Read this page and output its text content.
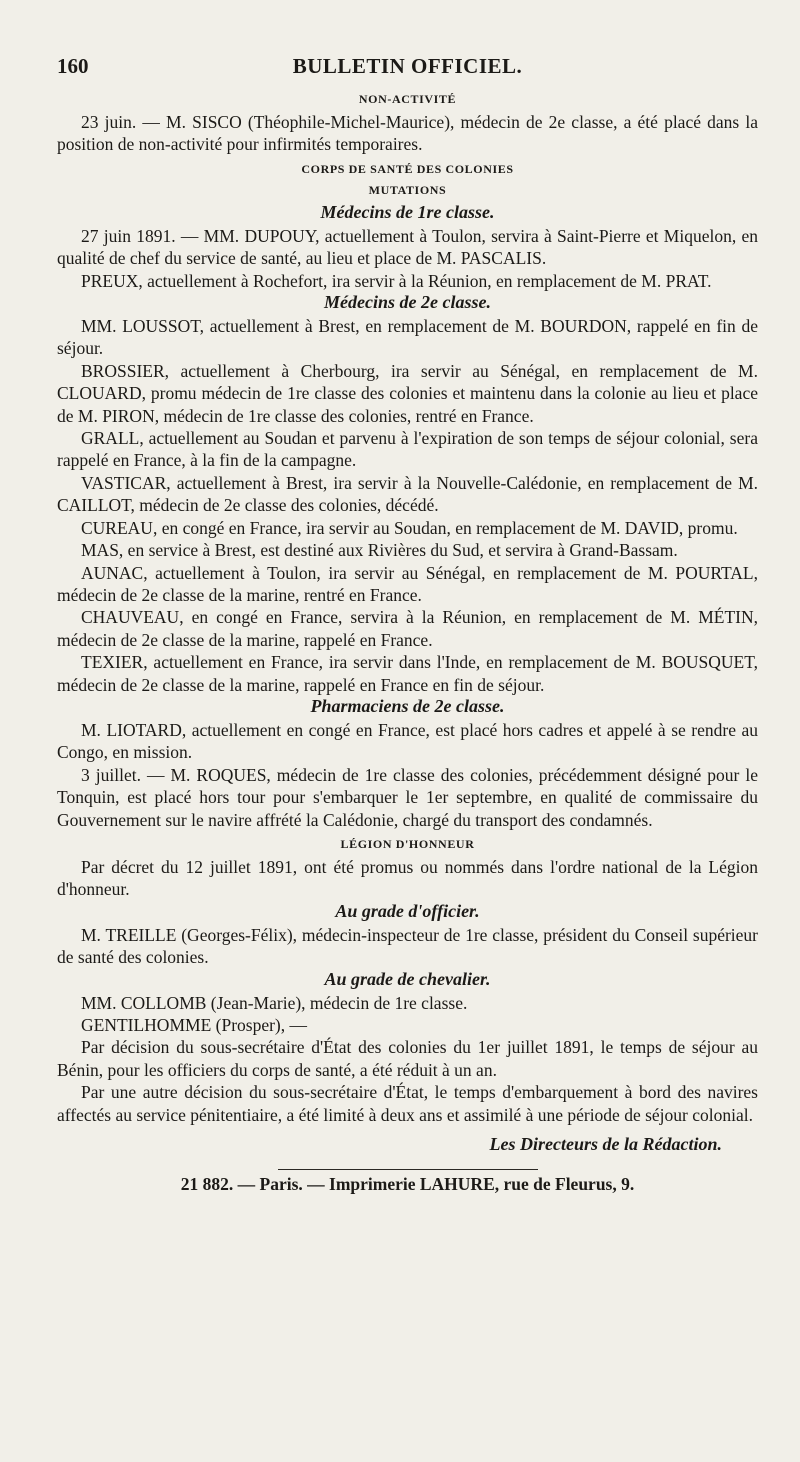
160	BULLETIN OFFICIEL.
NON-ACTIVITÉ

23 juin. — M. SISCO (Théophile-Michel-Maurice), médecin de 2e classe, a été placé dans la position de non-activité pour infirmités temporaires.

CORPS DE SANTÉ DES COLONIES
MUTATIONS
Médecins de 1re classe.

27 juin 1891. — MM. DUPOUY, actuellement à Toulon, servira à Saint-Pierre et Miquelon, en qualité de chef du service de santé, au lieu et place de M. PASCALIS.

PREUX, actuellement à Rochefort, ira servir à la Réunion, en remplacement de M. PRAT.

Médecins de 2e classe.

MM. LOUSSOT, actuellement à Brest, en remplacement de M. BOURDON, rappelé en fin de séjour.

BROSSIER, actuellement à Cherbourg, ira servir au Sénégal, en remplacement de M. CLOUARD, promu médecin de 1re classe des colonies et maintenu dans la colonie au lieu et place de M. PIRON, médecin de 1re classe des colonies, rentré en France.

GRALL, actuellement au Soudan et parvenu à l'expiration de son temps de séjour colonial, sera rappelé en France, à la fin de la campagne.

VASTICAR, actuellement à Brest, ira servir à la Nouvelle-Calédonie, en remplacement de M. CAILLOT, médecin de 2e classe des colonies, décédé.

CUREAU, en congé en France, ira servir au Soudan, en remplacement de M. DAVID, promu.

MAS, en service à Brest, est destiné aux Rivières du Sud, et servira à Grand-Bassam.

AUNAC, actuellement à Toulon, ira servir au Sénégal, en remplacement de M. POURTAL, médecin de 2e classe de la marine, rentré en France.

CHAUVEAU, en congé en France, servira à la Réunion, en remplacement de M. MÉTIN, médecin de 2e classe de la marine, rappelé en France.

TEXIER, actuellement en France, ira servir dans l'Inde, en remplacement de M. BOUSQUET, médecin de 2e classe de la marine, rappelé en France en fin de séjour.

Pharmaciens de 2e classe.

M. LIOTARD, actuellement en congé en France, est placé hors cadres et appelé à se rendre au Congo, en mission.

3 juillet. — M. ROQUES, médecin de 1re classe des colonies, précédemment désigné pour le Tonquin, est placé hors tour pour s'embarquer le 1er septembre, en qualité de commissaire du Gouvernement sur le navire affrété la Calédonie, chargé du transport des condamnés.

LÉGION D'HONNEUR

Par décret du 12 juillet 1891, ont été promus ou nommés dans l'ordre national de la Légion d'honneur.

Au grade d'officier.

M. TREILLE (Georges-Félix), médecin-inspecteur de 1re classe, président du Conseil supérieur de santé des colonies.

Au grade de chevalier.

MM. COLLOMB (Jean-Marie), médecin de 1re classe.

GENTILHOMME (Prosper), —

Par décision du sous-secrétaire d'État des colonies du 1er juillet 1891, le temps de séjour au Bénin, pour les officiers du corps de santé, a été réduit à un an.

Par une autre décision du sous-secrétaire d'État, le temps d'embarquement à bord des navires affectés au service pénitentiaire, a été limité à deux ans et assimilé à une période de séjour colonial.

Les Directeurs de la Rédaction.
21 882. — Paris. — Imprimerie LAHURE, rue de Fleurus, 9.
